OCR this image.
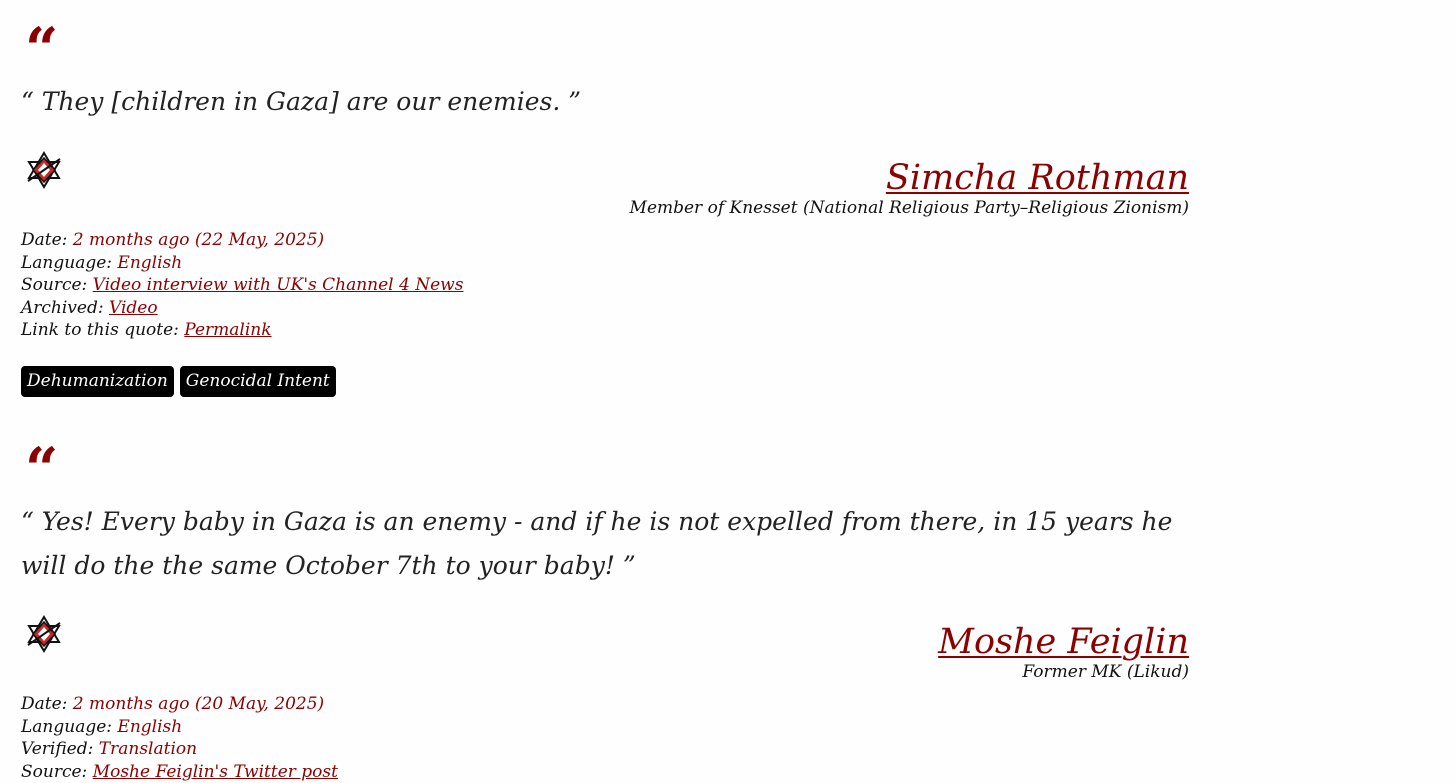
“
“ They [children in Gaza] are our enemies. ”
Simcha Rothman
Member of Knesset (National Religious Party–Religious Zionism)
Date: 2 months ago (22 May, 2025)
Language: English
Source: Video interview with UK's Channel 4 News
Archived: Video
Link to this quote: Permalink
Dehumanization	Genocidal Intent
“
“ Yes! Every baby in Gaza is an enemy - and if he is not expelled from there, in 15 years he will do the the same October 7th to your baby! ”
Moshe Feiglin
Former MK (Likud)
Date: 2 months ago (20 May, 2025)
Language: English
Verified: Translation
Source: Moshe Feiglin's Twitter post
